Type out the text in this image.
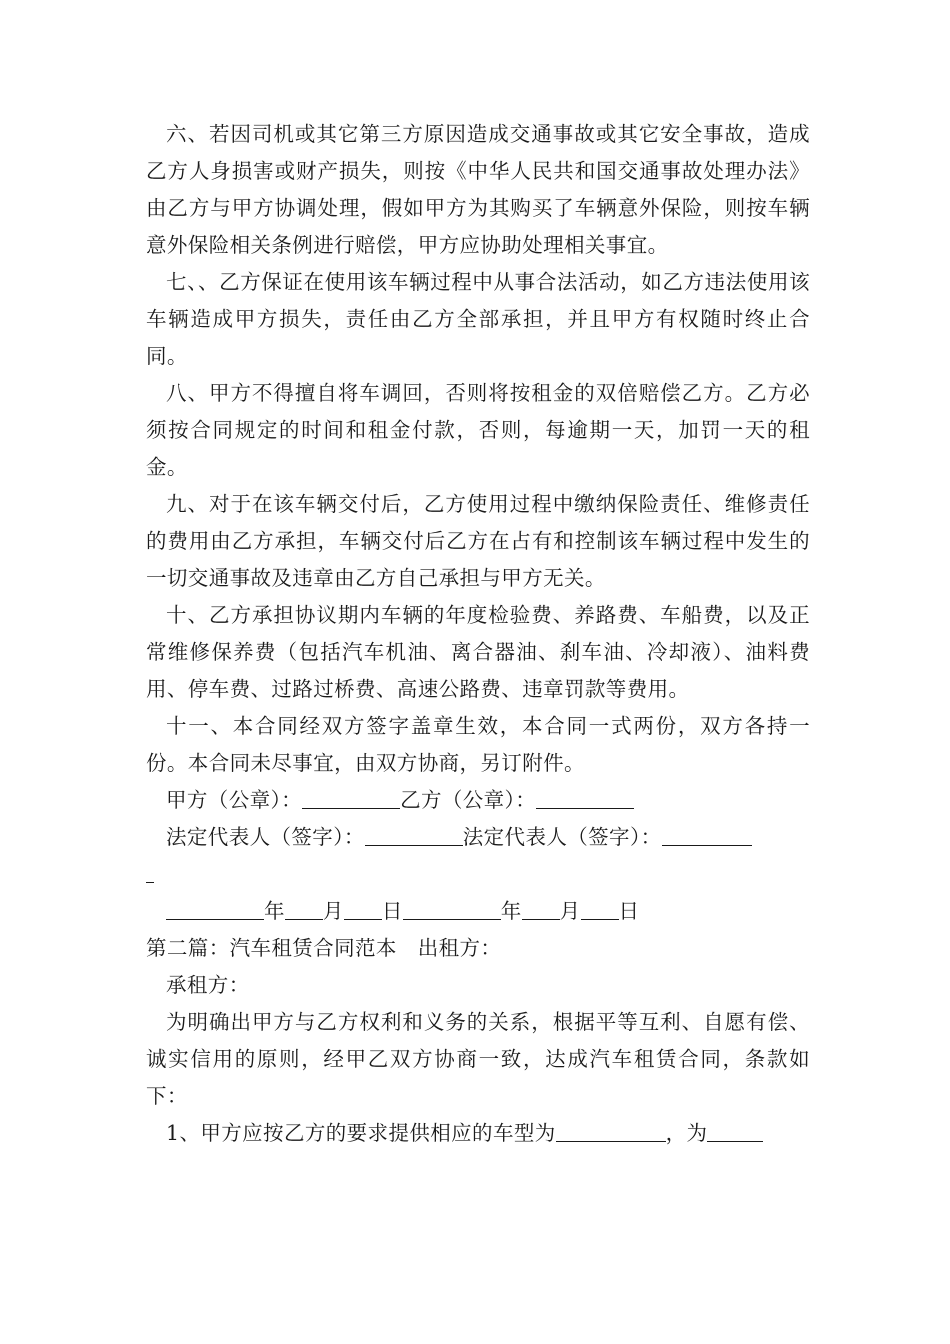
六、若因司机或其它第三方原因造成交通事故或其它安全事故，造成乙方人身损害或财产损失，则按《中华人民共和国交通事故处理办法》由乙方与甲方协调处理，假如甲方为其购买了车辆意外保险，则按车辆意外保险相关条例进行赔偿，甲方应协助处理相关事宜。

七、、乙方保证在使用该车辆过程中从事合法活动，如乙方违法使用该车辆造成甲方损失，责任由乙方全部承担，并且甲方有权随时终止合同。

八、甲方不得擅自将车调回，否则将按租金的双倍赔偿乙方。乙方必须按合同规定的时间和租金付款，否则，每逾期一天，加罚一天的租金。

九、对于在该车辆交付后，乙方使用过程中缴纳保险责任、维修责任的费用由乙方承担，车辆交付后乙方在占有和控制该车辆过程中发生的一切交通事故及违章由乙方自己承担与甲方无关。

十、乙方承担协议期内车辆的年度检验费、养路费、车船费，以及正常维修保养费（包括汽车机油、离合器油、刹车油、冷却液）、油料费用、停车费、过路过桥费、高速公路费、违章罚款等费用。

十一、本合同经双方签字盖章生效，本合同一式两份，双方各持一份。本合同未尽事宜，由双方协商，另订附件。

甲方（公章）：	乙方（公章）：

法定代表人（签字）：	法定代表人（签字）：

年 月 日	年 月 日

第二篇：汽车租赁合同范本　出租方：

承租方：

为明确出甲方与乙方权利和义务的关系，根据平等互利、自愿有偿、诚实信用的原则，经甲乙双方协商一致，达成汽车租赁合同，条款如下：

1、甲方应按乙方的要求提供相应的车型为	，为
